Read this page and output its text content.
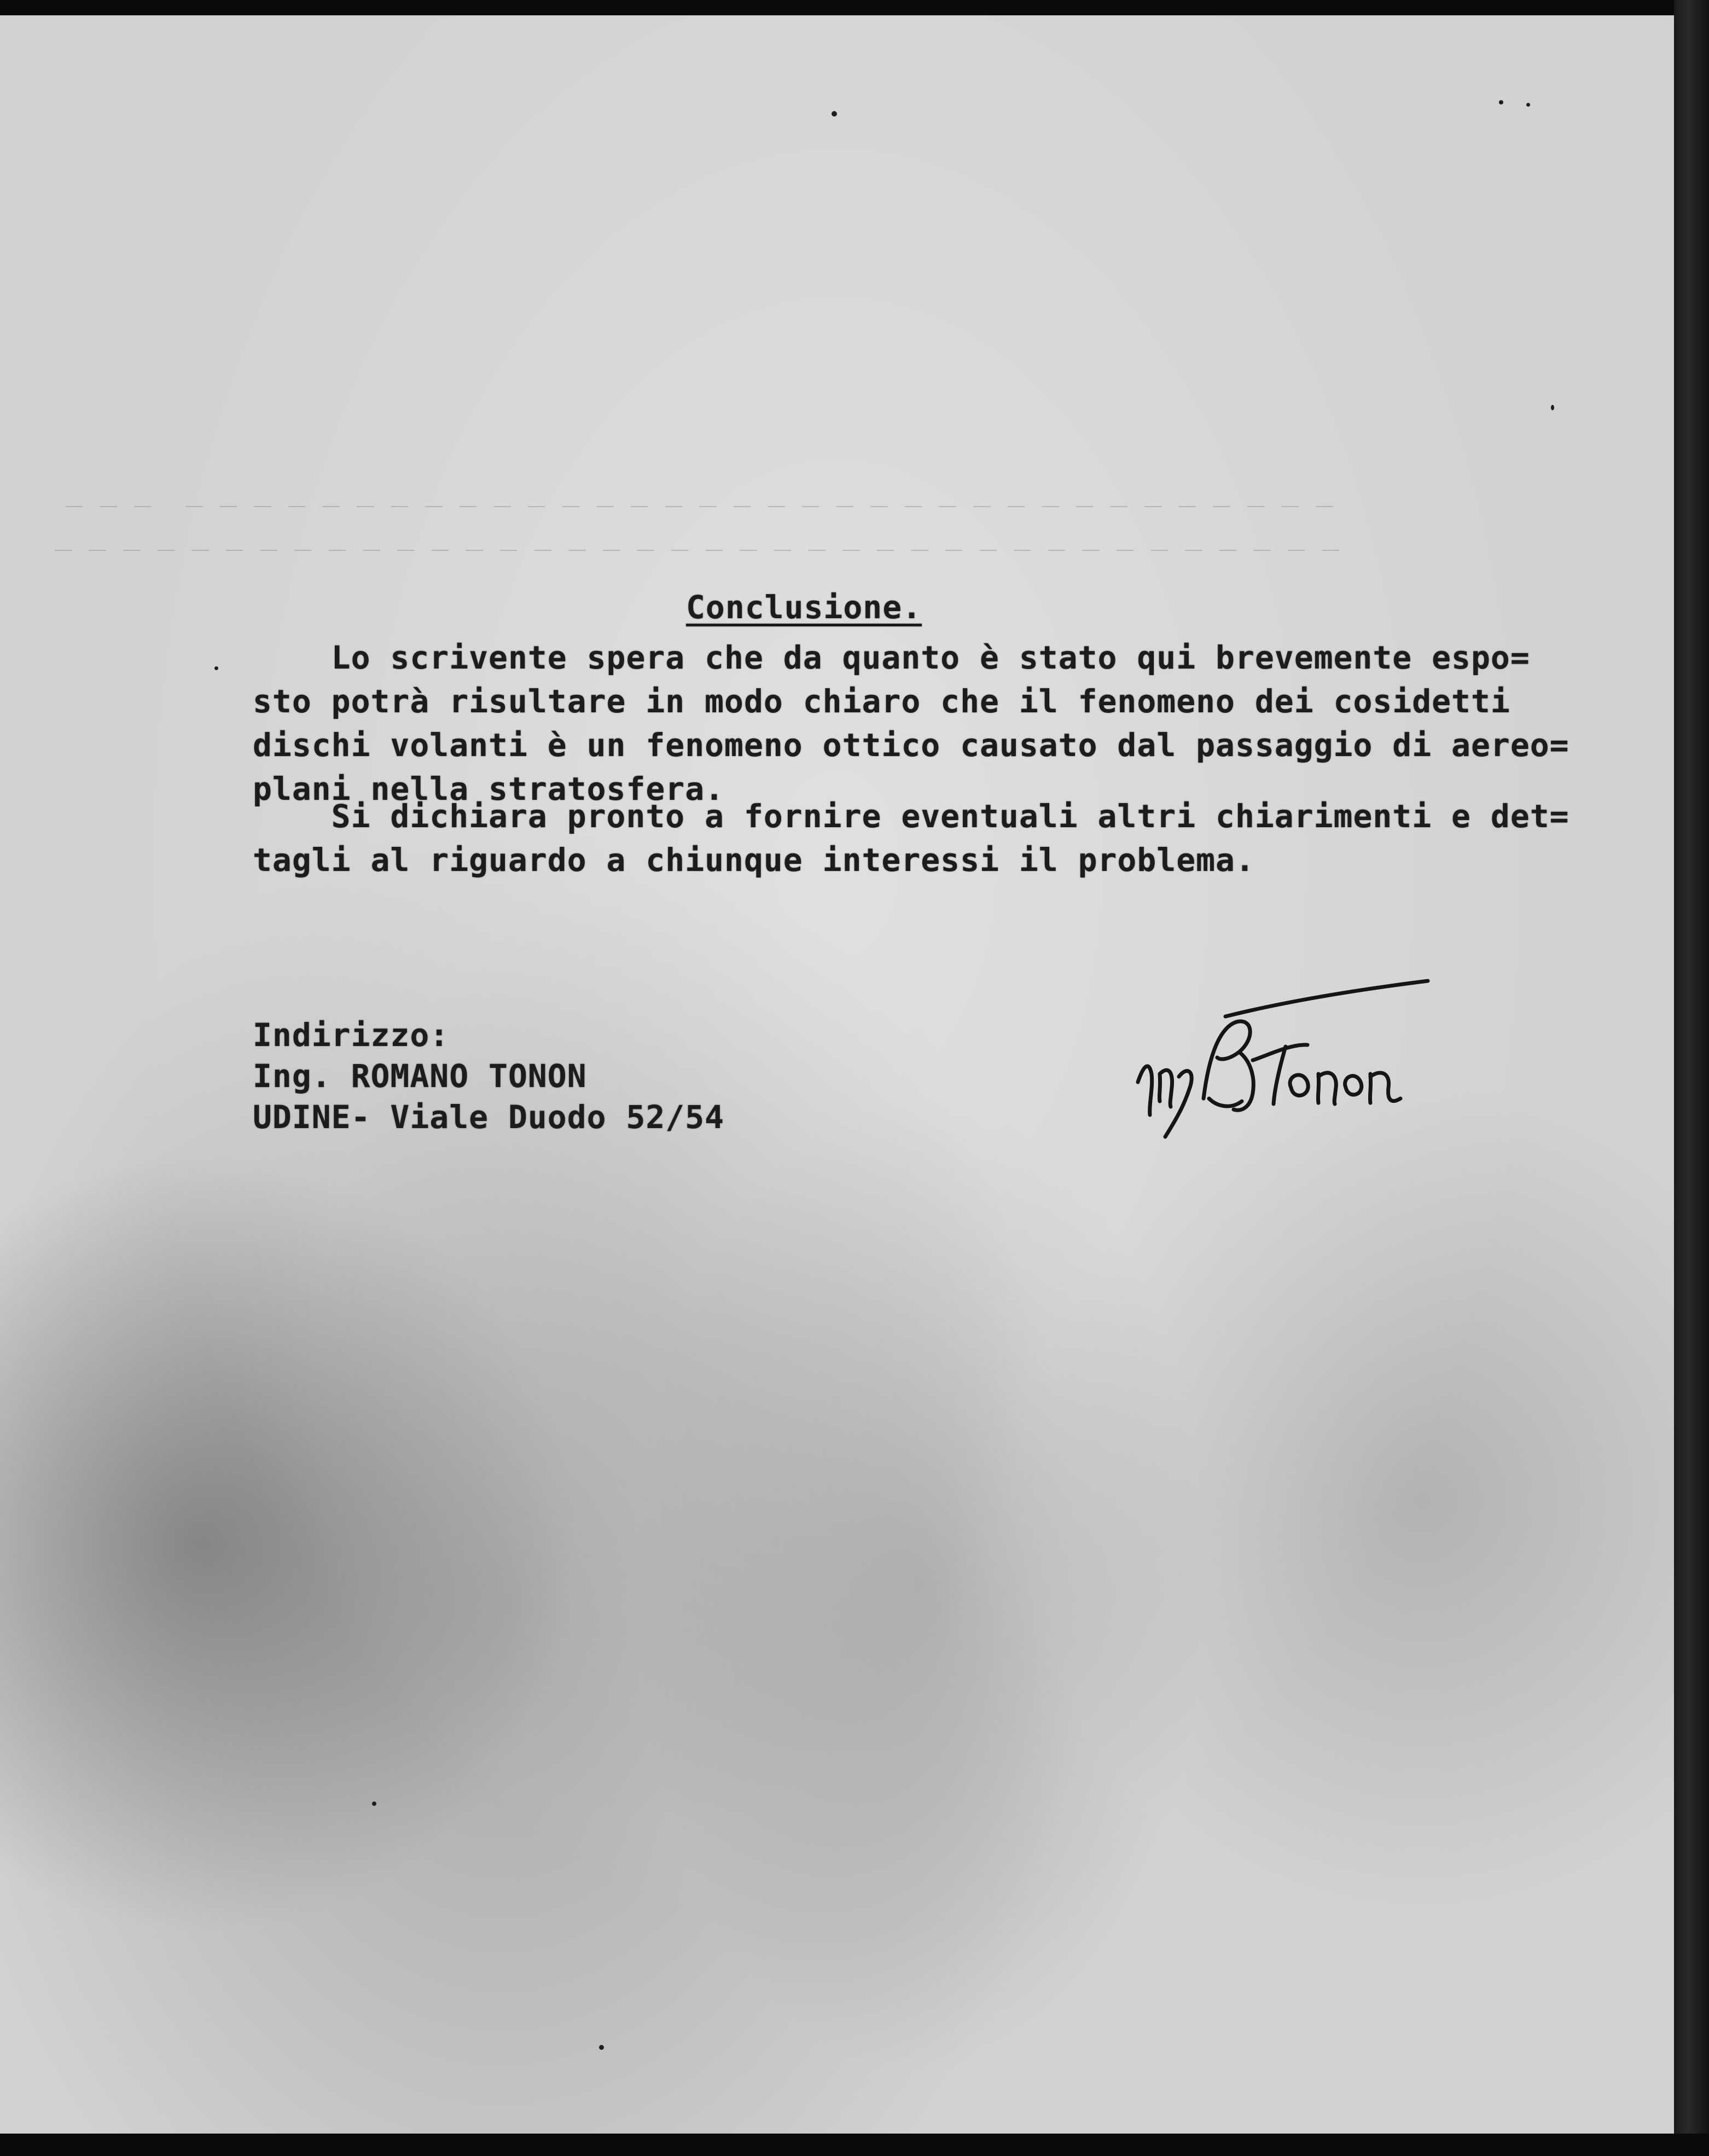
_ _ _  _ _ _ _ _ _ _ _ _ _ _ _ _ _ _ _ _ _ _ _ _ _ _ _ _ _ _ _ _ _ _ _ _ _
_ _ _ _ _ _ _ _ _ _ _ _ _ _ _ _ _ _ _ _ _ _ _ _ _ _ _ _ _ _ _ _ _ _ _ _ _ _
Conclusione.
Lo scrivente spera che da quanto è stato qui brevemente espo=
sto potrà risultare in modo chiaro che il fenomeno dei cosidetti
dischi volanti è un fenomeno ottico causato dal passaggio di aereo=
plani nella stratosfera.
Si dichiara pronto a fornire eventuali altri chiarimenti e det=
tagli al riguardo a chiunque interessi il problema.
Indirizzo:
Ing. ROMANO TONON
UDINE- Viale Duodo 52/54
